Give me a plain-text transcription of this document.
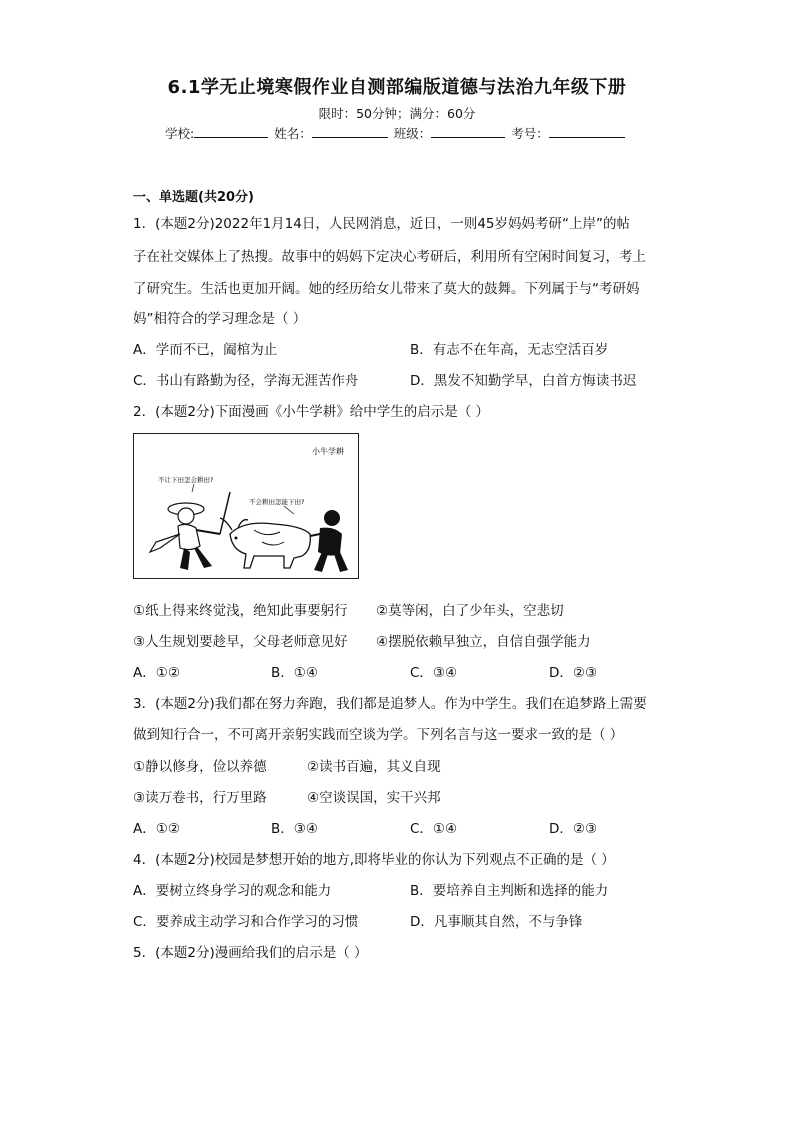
6.1学无止境寒假作业自测部编版道德与法治九年级下册
限时：50分钟；满分：60分
学校:	姓名：	班级：	考号：
一、单选题(共20分)
1．(本题2分)2022年1月14日，人民网消息，近日，一则45岁妈妈考研“上岸”的帖
子在社交媒体上了热搜。故事中的妈妈下定决心考研后，利用所有空闲时间复习，考上
了研究生。生活也更加开阔。她的经历给女儿带来了莫大的鼓舞。下列属于与“考研妈
妈”相符合的学习理念是（ ）
A．学而不已，阖棺为止	B．有志不在年高，无志空活百岁
C．书山有路勤为径，学海无涯苦作舟	D．黑发不知勤学早，白首方悔读书迟
2．(本题2分)下面漫画《小牛学耕》给中学生的启示是（ ）
小牛学耕
不让下田怎会耕田?
不会耕田怎能下田?
①纸上得来终觉浅，绝知此事要躬行 ②莫等闲，白了少年头，空悲切
③人生规划要趁早，父母老师意见好 ④摆脱依赖早独立，自信自强学能力
A．①②	B．①④	C．③④	D．②③
3．(本题2分)我们都在努力奔跑，我们都是追梦人。作为中学生。我们在追梦路上需要
做到知行合一，不可离开亲躬实践而空谈为学。下列名言与这一要求一致的是（ ）
①静以修身，俭以养德	②读书百遍，其义自现
③读万卷书，行万里路	④空谈误国，实干兴邦
A．①②	B．③④	C．①④	D．②③
4．(本题2分)校园是梦想开始的地方,即将毕业的你认为下列观点不正确的是（ ）
A．要树立终身学习的观念和能力	B．要培养自主判断和选择的能力
C．要养成主动学习和合作学习的习惯	D．凡事顺其自然，不与争锋
5．(本题2分)漫画给我们的启示是（ ）
